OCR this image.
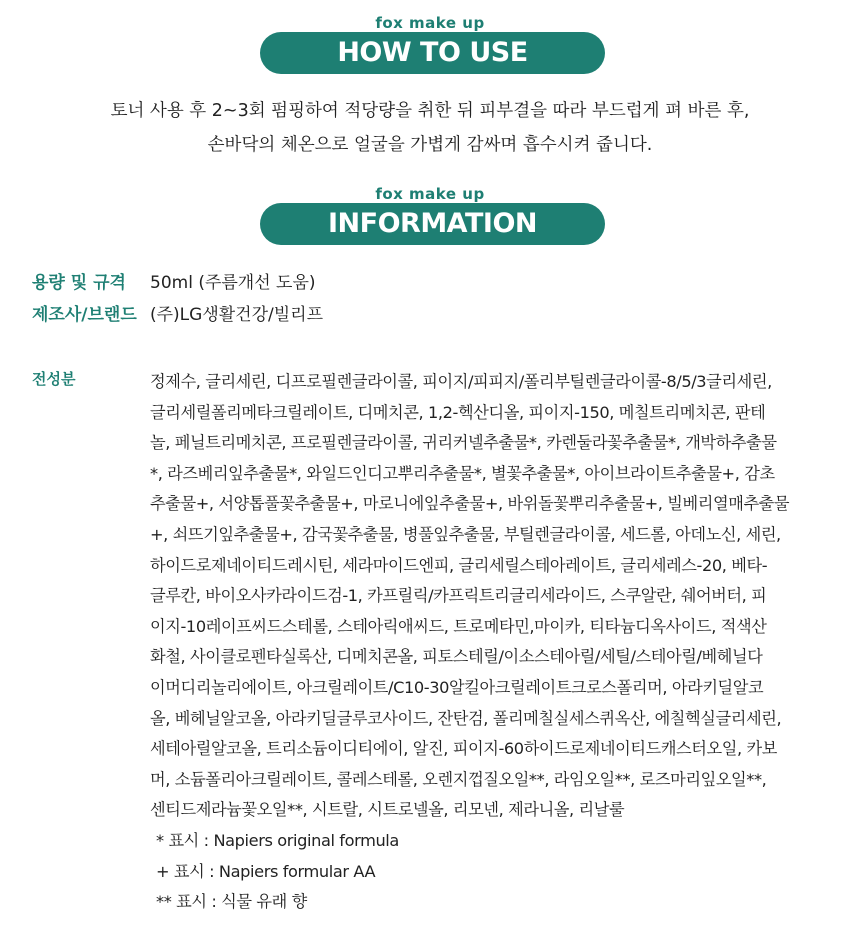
fox make up
HOW TO USE
토너 사용 후 2~3회 펌핑하여 적당량을 취한 뒤 피부결을 따라 부드럽게 펴 바른 후,
손바닥의 체온으로 얼굴을 가볍게 감싸며 흡수시켜 줍니다.
fox make up
INFORMATION
용량 및 규격 50ml (주름개선 도움)
제조사/브랜드 (주)LG생활건강/빌리프
전성분	정제수, 글리세린, 디프로필렌글라이콜, 피이지/피피지/폴리부틸렌글라이콜-8/5/3글리세린,
글리세릴폴리메타크릴레이트, 디메치콘, 1,2-헥산디올, 피이지-150, 메칠트리메치콘, 판테
놀, 페닐트리메치콘, 프로필렌글라이콜, 귀리커넬추출물*, 카렌둘라꽃추출물*, 개박하추출물
*, 라즈베리잎추출물*, 와일드인디고뿌리추출물*, 별꽃추출물*, 아이브라이트추출물+, 감초
추출물+, 서양톱풀꽃추출물+, 마로니에잎추출물+, 바위돌꽃뿌리추출물+, 빌베리열매추출물
+, 쇠뜨기잎추출물+, 감국꽃추출물, 병풀잎추출물, 부틸렌글라이콜, 세드롤, 아데노신, 세린,
하이드로제네이티드레시틴, 세라마이드엔피, 글리세릴스테아레이트, 글리세레스-20, 베타-
글루칸, 바이오사카라이드검-1, 카프릴릭/카프릭트리글리세라이드, 스쿠알란, 쉐어버터, 피
이지-10레이프씨드스테롤, 스테아릭애씨드, 트로메타민,마이카, 티타늄디옥사이드, 적색산
화철, 사이클로펜타실록산, 디메치콘올, 피토스테릴/이소스테아릴/세틸/스테아릴/베헤닐다
이머디리놀리에이트, 아크릴레이트/C10-30알킬아크릴레이트크로스폴리머, 아라키딜알코
올, 베헤닐알코올, 아라키딜글루코사이드, 잔탄검, 폴리메칠실세스퀴옥산, 에칠헥실글리세린,
세테아릴알코올, 트리소듐이디티에이, 알진, 피이지-60하이드로제네이티드캐스터오일, 카보
머, 소듐폴리아크릴레이트, 콜레스테롤, 오렌지껍질오일**, 라임오일**, 로즈마리잎오일**,
센티드제라늄꽃오일**, 시트랄, 시트로넬올, 리모넨, 제라니올, 리날룰
* 표시 : Napiers original formula
+ 표시 : Napiers formular AA
** 표시 : 식물 유래 향
